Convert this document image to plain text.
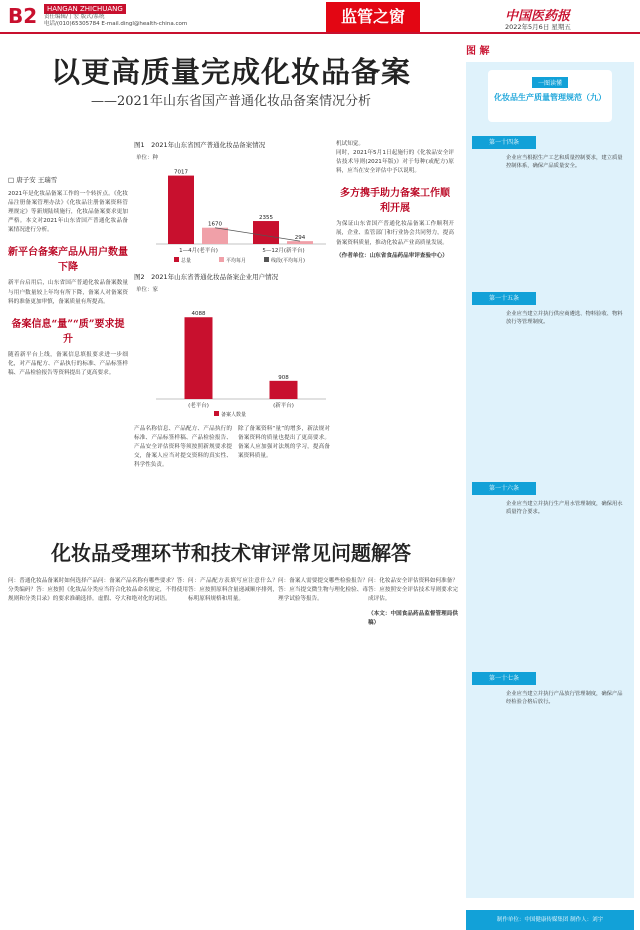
B2	HANGAN ZHICHUANG
责任编辑/丁宏 版式/系统
电话/(010)65305784 E-mail.dingl@health-china.com	监管之窗	中国医药报
2022年5月6日 星期五
以更高质量完成化妆品备案
——2021年山东省国产普通化妆品备案情况分析
□ 唐子安 王瑞雪

2021年是化妆品备案工作的一个转折点。《化妆品注册备案管理办法》《化妆品注册备案资料管理规定》等新规陆续施行，化妆品备案要求更加严格。本文对2021年山东省国产普通化妆品备案情况进行分析。

新平台备案产品从用户数量下降

新平台启用后，山东省国产普通化妆品备案数量与用户数量较上年均有所下降，备案人对备案资料的准备更加审慎，备案质量有所提高。

备案信息“量”“质”要求提升

随着新平台上线，备案信息填报要求进一步细化，对产品配方、产品执行的标准、产品标签样稿、产品检验报告等资料提出了更高要求。

图1　2021年山东省国产普通化妆品备案情况
单位：种
7017
1670
1—4月(老平台)
2355
294
5—12月(新平台)
总量	平均每月	线段(平均每月)
图2　2021年山东省普通化妆品备案企业用户情况
单位：家
4088
(老平台)
908
(新平台)
备案人数量

产品名称信息、产品配方、产品执行的标准、产品标签样稿、产品检验报告、产品安全评估资料等须按照新规要求提交，备案人应当对提交资料的真实性、科学性负责。

除了备案资料“量”的增多，新法规对备案资料的质量也提出了更高要求。备案人应加强对法规的学习，提高备案资料质量。

机试知觉。

同时，2021年5月1日起施行的《化妆品安全评估技术导则(2021年版)》对于每种(或配方)原料，应当在安全评估中予以说明。

多方携手助力备案工作顺利开展

为保证山东省国产普通化妆品备案工作顺利开展，企业、监管部门和行业协会共同努力，提高备案资料质量，推动化妆品产业高质量发展。

（作者单位：山东省食品药品审评查验中心）

化妆品受理环节和技术审评常见问题解答

问：普通化妆品备案时如何选择产品分类编码？答：应按照《化妆品分类规则和分类目录》的要求准确选择。

问：备案产品名称有哪些要求？答：应当符合化妆品命名规定，不得使用虚假、夸大和绝对化的词语。

问：产品配方表填写应注意什么？答：应按照原料含量递减顺序排列，标明原料规格和用量。

问：备案人需要提交哪些检验报告？答：应当提交微生物与理化检验、毒理学试验等报告。

问：化妆品安全评估资料如何准备？答：应按照安全评估技术导则要求完成评估。

（本文：中国食品药品监督管理局供稿）

图 解
一图读懂
化妆品生产质量管理规范（九）
第一十四条
企业应当根据生产工艺和质量控制要求，建立质量控制体系，确保产品质量安全。
第一十五条
企业应当建立并执行供应商遴选、物料验收、物料放行等管理制度。
第一十六条
企业应当建立并执行生产用水管理制度，确保用水质量符合要求。
第一十七条
企业应当建立并执行产品放行管理制度，确保产品经检验合格后放行。
制作单位：中国健康传媒集团 制作人：刘宇
